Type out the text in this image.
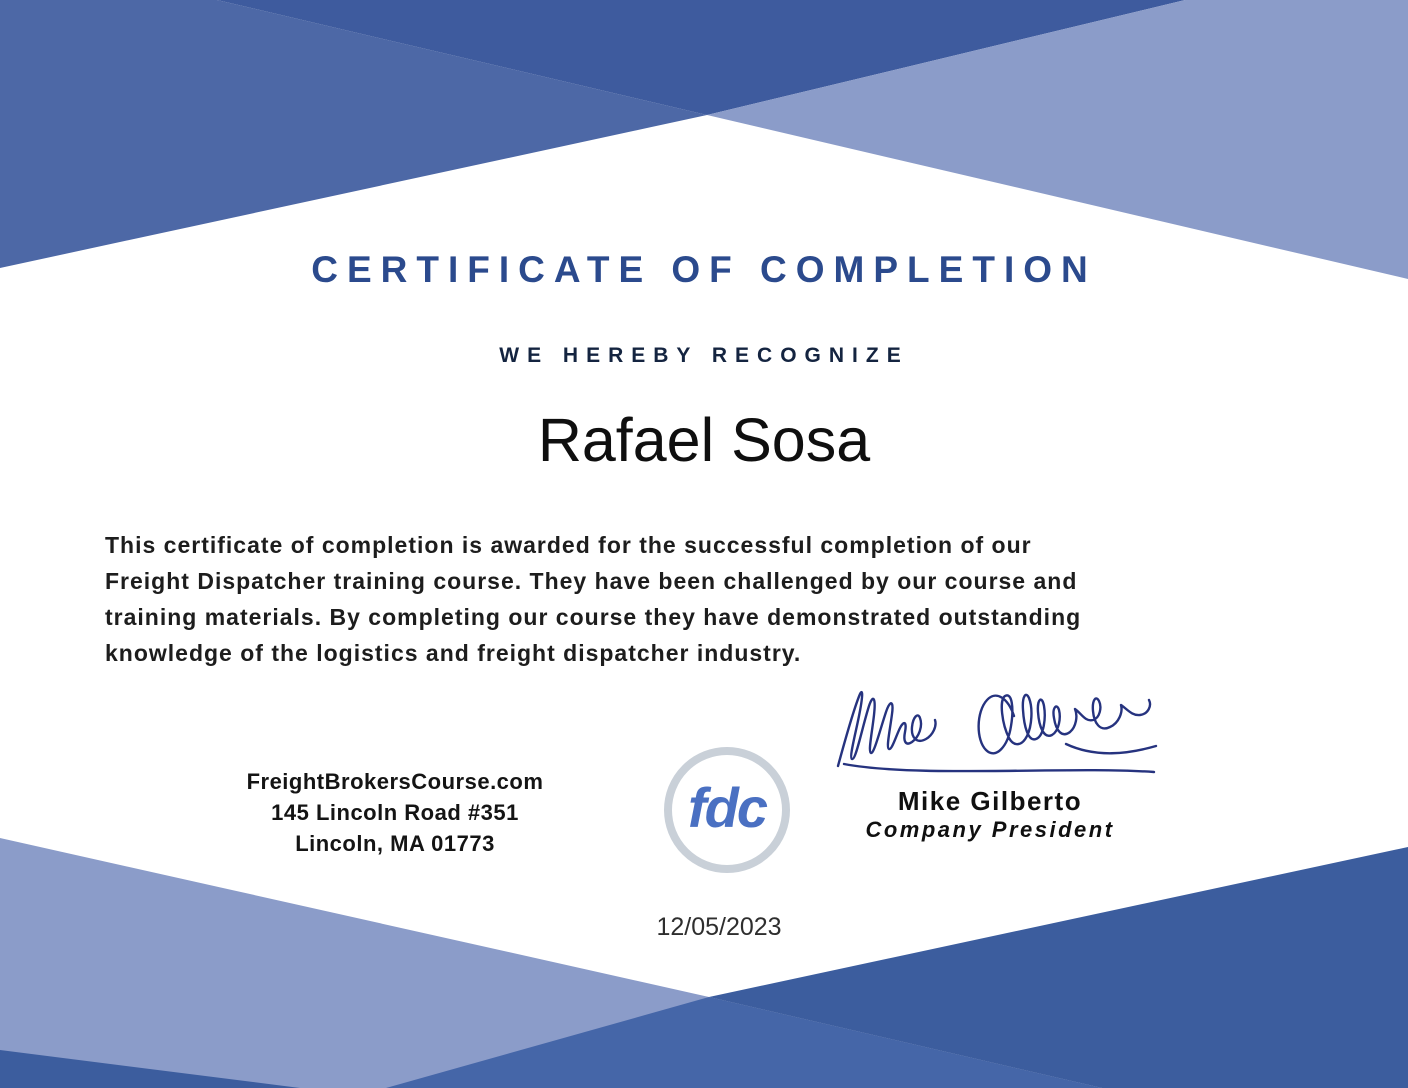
CERTIFICATE OF COMPLETION
WE HEREBY RECOGNIZE
Rafael Sosa
This certificate of completion is awarded for the successful completion of our
Freight Dispatcher training course. They have been challenged by our course and
training materials. By completing our course they have demonstrated outstanding
knowledge of the logistics and freight dispatcher industry.
FreightBrokersCourse.com
145 Lincoln Road #351
Lincoln, MA 01773
fdc	Mike Gilberto
Company President
12/05/2023
